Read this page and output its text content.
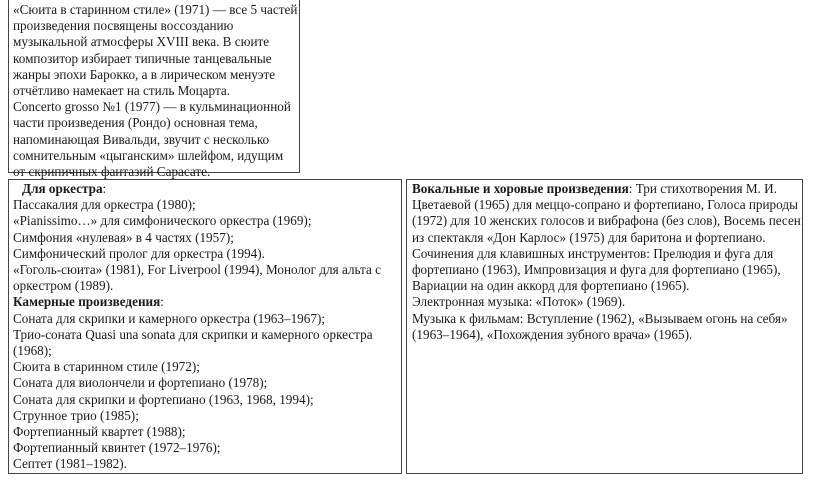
«Сюита в старинном стиле» (1971) — все 5 частей
произведения посвящены воссозданию
музыкальной атмосферы XVIII века. В сюите
композитор избирает типичные танцевальные
жанры эпохи Барокко, а в лирическом менуэте
отчётливо намекает на стиль Моцарта.
Concerto grosso №1 (1977) — в кульминационной
части произведения (Рондо) основная тема,
напоминающая Вивальди, звучит с несколько
сомнительным «цыганским» шлейфом, идущим
от скрипичных фантазий Сарасате.
Для оркестра:
Пассакалия для оркестра (1980);
«Pianissimo…» для симфонического оркестра (1969);
Симфония «нулевая» в 4 частях (1957);
Симфонический пролог для оркестра (1994).
«Гоголь-сюита» (1981), For Liverpool (1994), Монолог для альта с
оркестром (1989).
Камерные произведения:
Соната для скрипки и камерного оркестра (1963–1967);
Трио-соната Quasi una sonata для скрипки и камерного оркестра
(1968);
Сюита в старинном стиле (1972);
Соната для виолончели и фортепиано (1978);
Соната для скрипки и фортепиано (1963, 1968, 1994);
Струнное трио (1985);
Фортепианный квартет (1988);
Фортепианный квинтет (1972–1976);
Септет (1981–1982).
Вокальные и хоровые произведения: Три стихотворения М. И.
Цветаевой (1965) для меццо-сопрано и фортепиано, Голоса природы
(1972) для 10 женских голосов и вибрафона (без слов), Восемь песен
из спектакля «Дон Карлос» (1975) для баритона и фортепиано.
Сочинения для клавишных инструментов: Прелюдия и фуга для
фортепиано (1963), Импровизация и фуга для фортепиано (1965),
Вариации на один аккорд для фортепиано (1965).
Электронная музыка: «Поток» (1969).
Музыка к фильмам: Вступление (1962), «Вызываем огонь на себя»
(1963–1964), «Похождения зубного врача» (1965).
